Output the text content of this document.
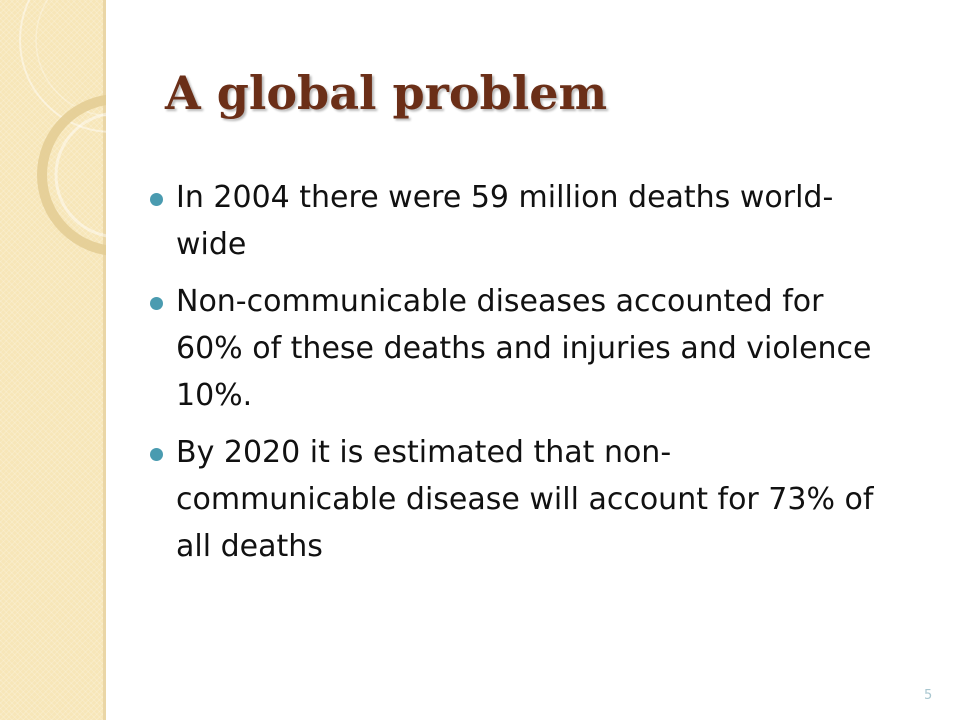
A global problem
In 2004 there were 59 million deaths world-wide
Non-communicable diseases accounted for 60% of these deaths and injuries and violence 10%.
By 2020 it is estimated that non-communicable disease will account for 73% of all deaths
5
